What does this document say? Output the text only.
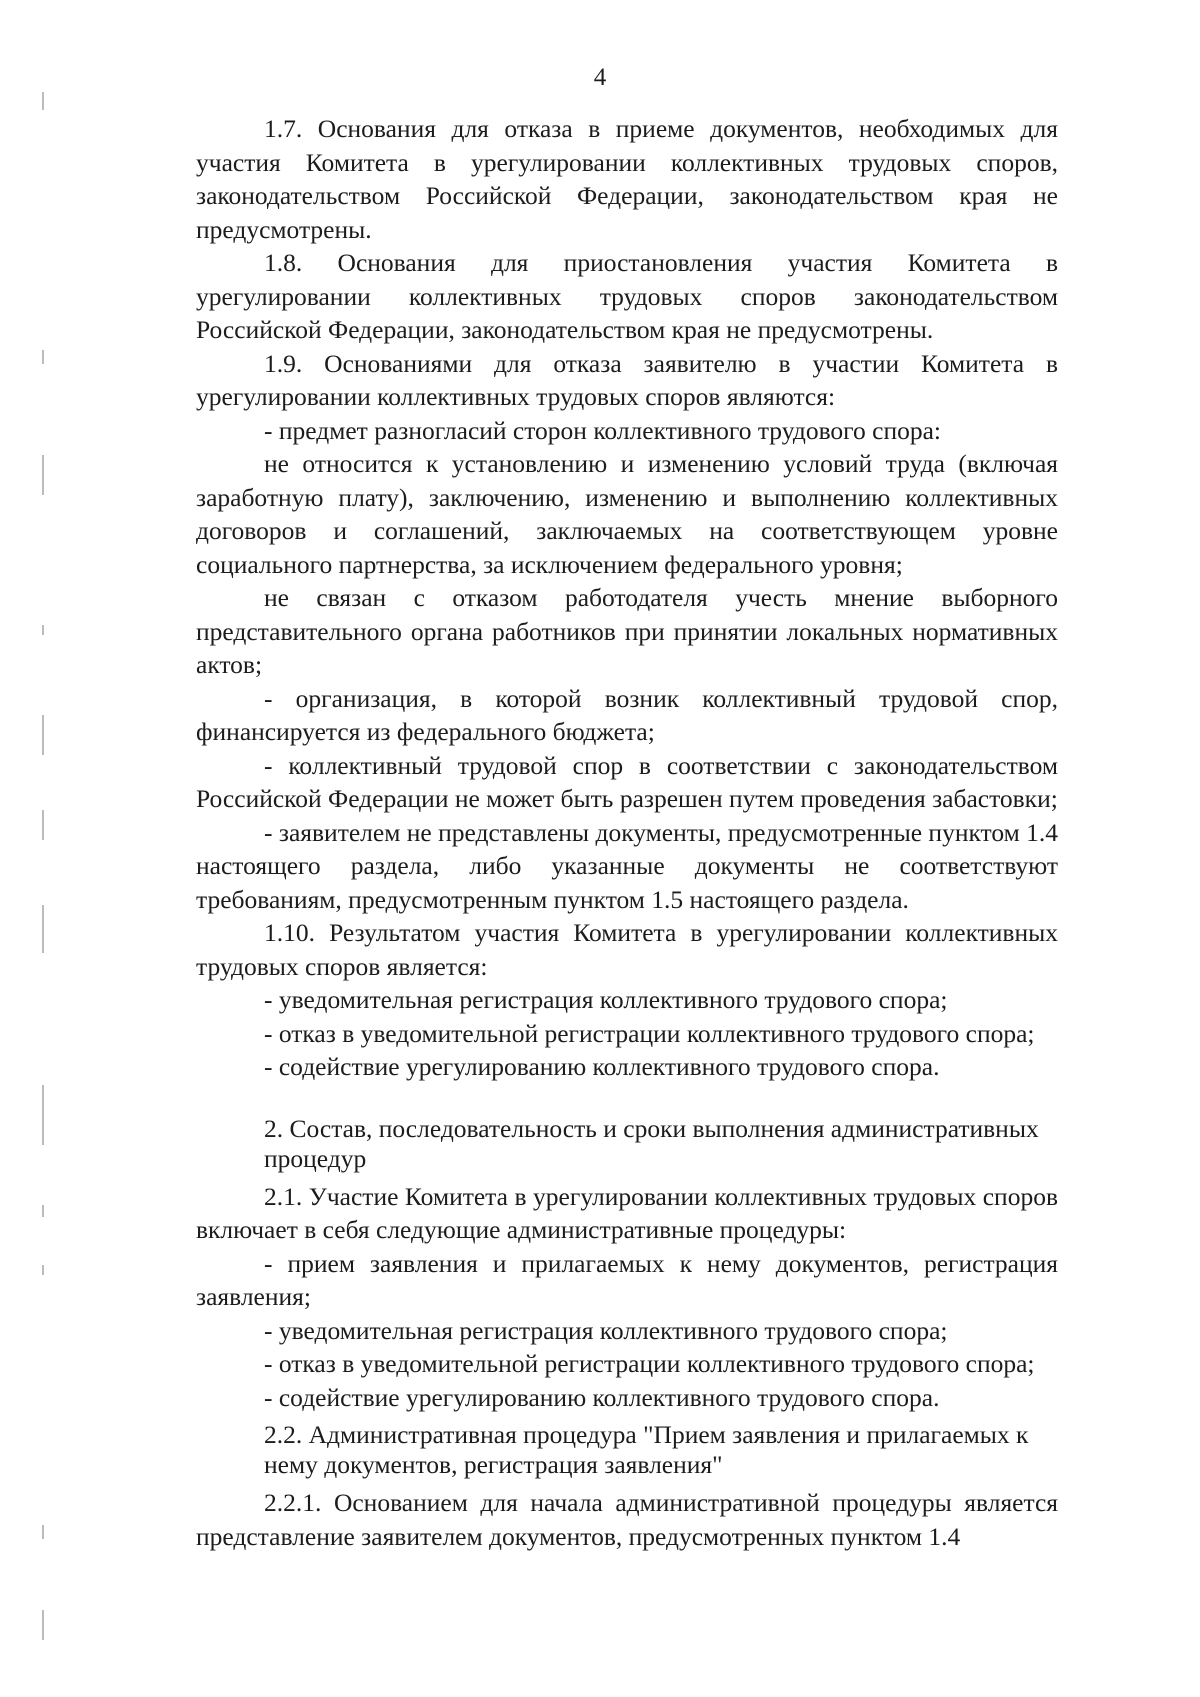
4

1.7. Основания для отказа в приеме документов, необходимых для участия Комитета в урегулировании коллективных трудовых споров, законодательством Российской Федерации, законодательством края не предусмотрены.

1.8. Основания для приостановления участия Комитета в урегулировании коллективных трудовых споров законодательством Российской Федерации, законодательством края не предусмотрены.

1.9. Основаниями для отказа заявителю в участии Комитета в урегулировании коллективных трудовых споров являются:

- предмет разногласий сторон коллективного трудового спора:

не относится к установлению и изменению условий труда (включая заработную плату), заключению, изменению и выполнению коллективных договоров и соглашений, заключаемых на соответствующем уровне социального партнерства, за исключением федерального уровня;

не связан с отказом работодателя учесть мнение выборного представительного органа работников при принятии локальных нормативных актов;

- организация, в которой возник коллективный трудовой спор, финансируется из федерального бюджета;

- коллективный трудовой спор в соответствии с законодательством Российской Федерации не может быть разрешен путем проведения забастовки;

- заявителем не представлены документы, предусмотренные пунктом 1.4 настоящего раздела, либо указанные документы не соответствуют требованиям, предусмотренным пунктом 1.5 настоящего раздела.

1.10. Результатом участия Комитета в урегулировании коллективных трудовых споров является:

- уведомительная регистрация коллективного трудового спора;

- отказ в уведомительной регистрации коллективного трудового спора;

- содействие урегулированию коллективного трудового спора.

2. Состав, последовательность и сроки выполнения административных процедур

2.1. Участие Комитета в урегулировании коллективных трудовых споров включает в себя следующие административные процедуры:

- прием заявления и прилагаемых к нему документов, регистрация заявления;

- уведомительная регистрация коллективного трудового спора;

- отказ в уведомительной регистрации коллективного трудового спора;

- содействие урегулированию коллективного трудового спора.

2.2. Административная процедура "Прием заявления и прилагаемых к нему документов, регистрация заявления"

2.2.1. Основанием для начала административной процедуры является представление заявителем документов, предусмотренных пунктом 1.4
